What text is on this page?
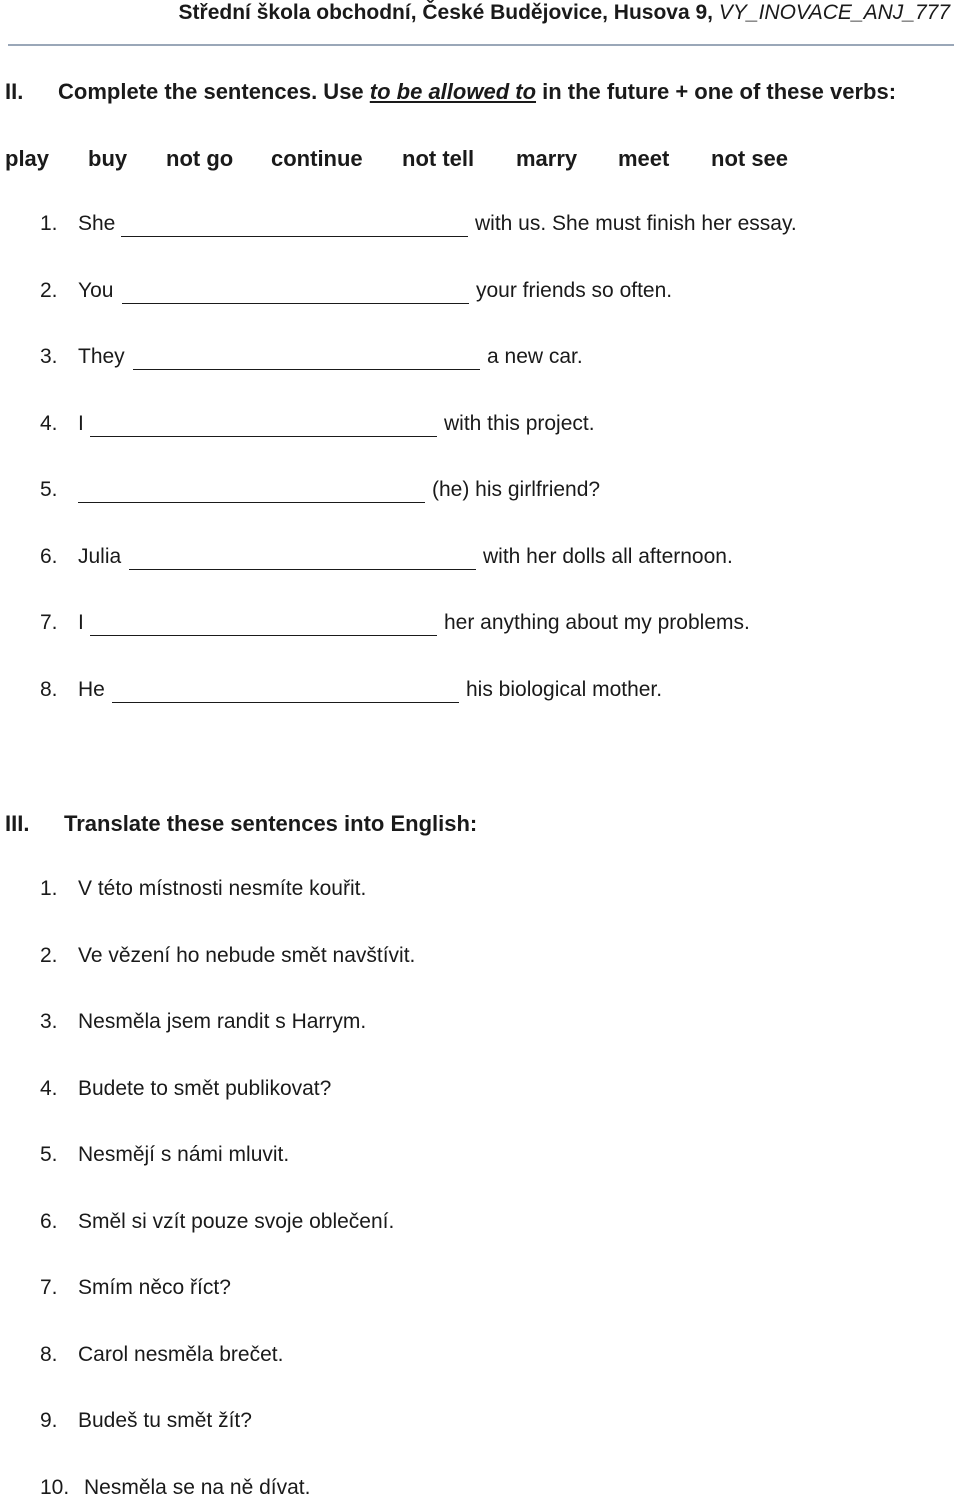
Střední škola obchodní, České Budějovice, Husova 9, VY_INOVACE_ANJ_777
II. Complete the sentences. Use to be allowed to in the future + one of these verbs:
play buy not go continue not tell marry meet not see
1. She	with us. She must finish her essay.
2. You	your friends so often.
3. They	a new car.
4. I	with this project.
5.	(he) his girlfriend?
6. Julia	with her dolls all afternoon.
7. I	her anything about my problems.
8. He	his biological mother.
III. Translate these sentences into English:
1. V této místnosti nesmíte kouřit.
2. Ve vězení ho nebude smět navštívit.
3. Nesměla jsem randit s Harrym.
4. Budete to smět publikovat?
5. Nesmějí s námi mluvit.
6. Směl si vzít pouze svoje oblečení.
7. Smím něco říct?
8. Carol nesměla brečet.
9. Budeš tu smět žít?
10. Nesměla se na ně dívat.
